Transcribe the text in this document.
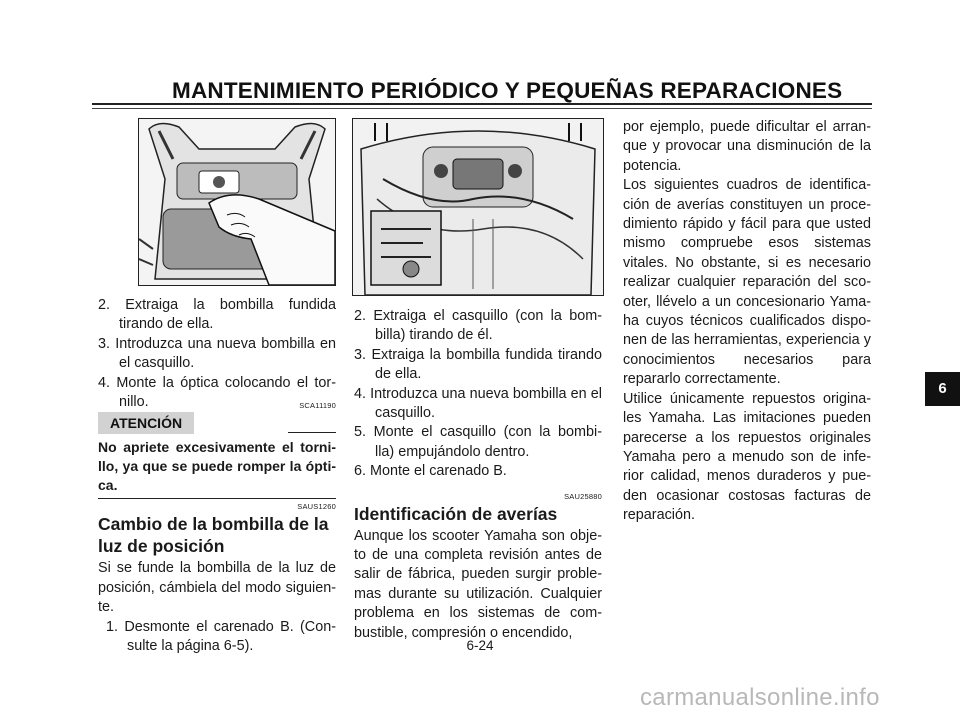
MANTENIMIENTO PERIÓDICO Y PEQUEÑAS REPARACIONES
2. Extraiga la bombilla fundida tirando de ella.
3. Introduzca una nueva bombilla en el casquillo.
4. Monte la óptica colocando el tor- nillo.	SCA11190
ATENCIÓN
No apriete excesivamente el torni- llo, ya que se puede romper la ópti- ca.
SAUS1260
Cambio de la bombilla de la luz de posición

Si se funde la bombilla de la luz de posición, cámbiela del modo siguien- te.

1. Desmonte el carenado B. (Con- sulte la página 6-5).
2. Extraiga el casquillo (con la bom- billa) tirando de él.
3. Extraiga la bombilla fundida tirando de ella.
4. Introduzca una nueva bombilla en el casquillo.
5. Monte el casquillo (con la bombi- lla) empujándolo dentro.
6. Monte el carenado B.
SAU25880
Identificación de averías

Aunque los scooter Yamaha son obje- to de una completa revisión antes de salir de fábrica, pueden surgir proble- mas durante su utilización. Cualquier problema en los sistemas de com- bustible, compresión o encendido,

por ejemplo, puede dificultar el arran- que y provocar una disminución de la potencia.

Los siguientes cuadros de identifica- ción de averías constituyen un proce- dimiento rápido y fácil para que usted mismo compruebe esos sistemas vitales. No obstante, si es necesario realizar cualquier reparación del sco- oter, llévelo a un concesionario Yama- ha cuyos técnicos cualificados dispo- nen de las herramientas, experiencia y conocimientos necesarios para repararlo correctamente.

Utilice únicamente repuestos origina- les Yamaha. Las imitaciones pueden parecerse a los repuestos originales Yamaha pero a menudo son de infe- rior calidad, menos duraderos y pue- den ocasionar costosas facturas de reparación.

6
6-24
carmanualsonline.info
